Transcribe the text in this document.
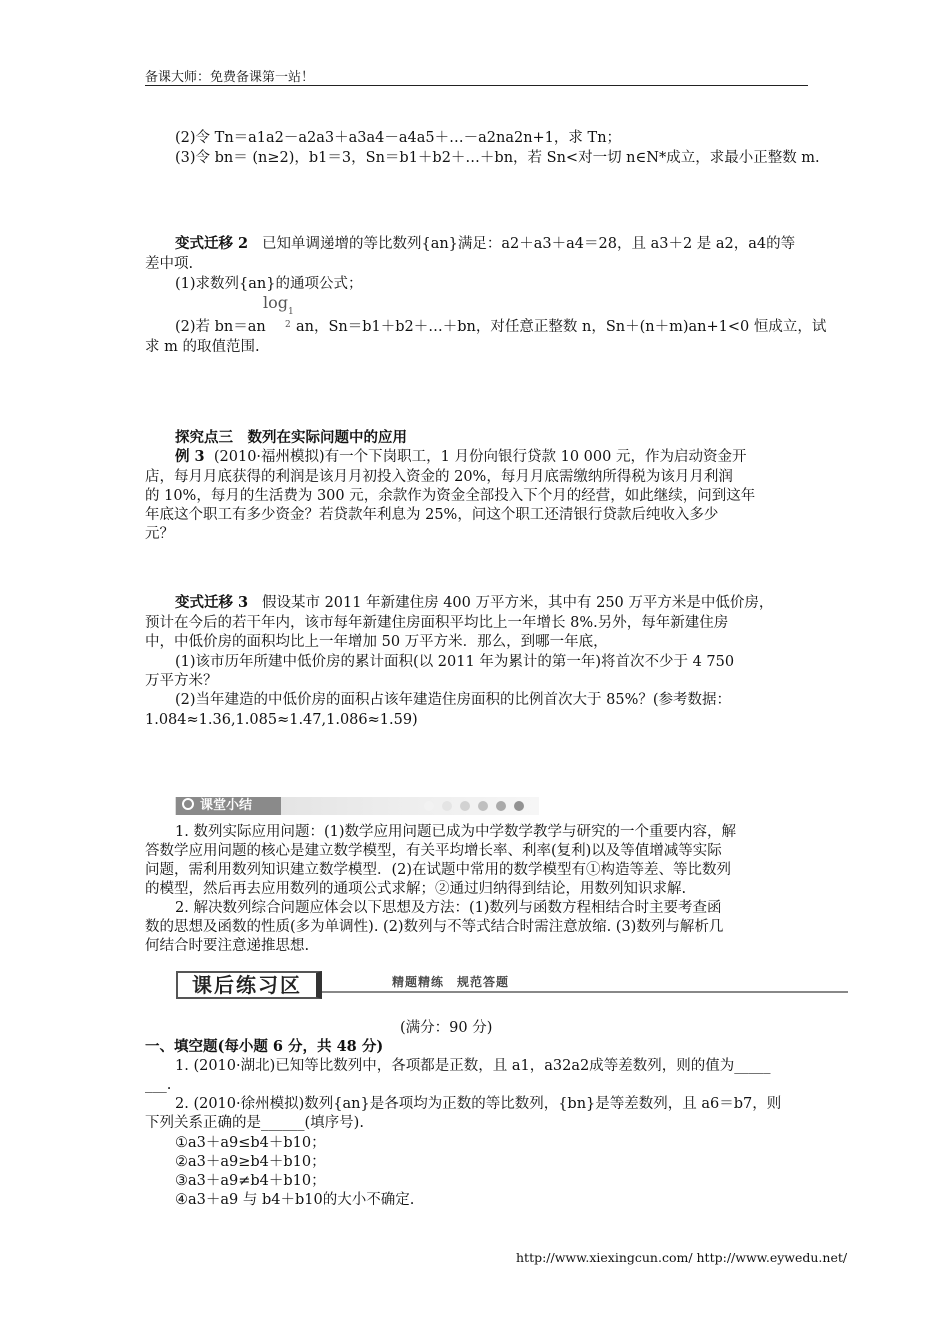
备课大师：免费备课第一站！
(2)令 Tn＝a1a2－a2a3＋a3a4－a4a5＋…－a2na2n+1，求 Tn；
(3)令 bn＝ (n≥2)，b1＝3，Sn＝b1＋b2＋…＋bn，若 Sn<对一切 n∈N*成立，求最小正整数 m.
变式迁移 2 已知单调递增的等比数列{an}满足：a2＋a3＋a4＝28，且 a3＋2 是 a2，a4的等
差中项.
(1)求数列{an}的通项公式；
$\log_1$
2
(2)若 bn＝an an，Sn＝b1＋b2＋…＋bn，对任意正整数 n，Sn＋(n＋m)an+1<0 恒成立，试
求 m 的取值范围.
探究点三　数列在实际问题中的应用
例 3 (2010·福州模拟)有一个下岗职工，1 月份向银行贷款 10 000 元，作为启动资金开
店，每月月底获得的利润是该月月初投入资金的 20%，每月月底需缴纳所得税为该月月利润
的 10%，每月的生活费为 300 元，余款作为资金全部投入下个月的经营，如此继续，问到这年
年底这个职工有多少资金？若贷款年利息为 25%，问这个职工还清银行贷款后纯收入多少
元？
变式迁移 3 假设某市 2011 年新建住房 400 万平方米，其中有 250 万平方米是中低价房，
预计在今后的若干年内，该市每年新建住房面积平均比上一年增长 8%.另外，每年新建住房
中，中低价房的面积均比上一年增加 50 万平方米．那么，到哪一年底，
(1)该市历年所建中低价房的累计面积(以 2011 年为累计的第一年)将首次不少于 4 750
万平方米？
(2)当年建造的中低价房的面积占该年建造住房面积的比例首次大于 85%？(参考数据：
1.084≈1.36,1.085≈1.47,1.086≈1.59)
课堂小结
1. 数列实际应用问题：(1)数学应用问题已成为中学数学教学与研究的一个重要内容，解
答数学应用问题的核心是建立数学模型，有关平均增长率、利率(复利)以及等值增减等实际
问题，需利用数列知识建立数学模型．(2)在试题中常用的数学模型有①构造等差、等比数列
的模型，然后再去应用数列的通项公式求解；②通过归纳得到结论，用数列知识求解.
2. 解决数列综合问题应体会以下思想及方法：(1)数列与函数方程相结合时主要考查函
数的思想及函数的性质(多为单调性). (2)数列与不等式结合时需注意放缩. (3)数列与解析几
何结合时要注意递推思想.
课后练习区	精题精练　规范答题
(满分：90 分)
一、填空题(每小题 6 分，共 48 分)
1. (2010·湖北)已知等比数列中，各项都是正数，且 a1，a32a2成等差数列，则的值为_____
___.
2. (2010·徐州模拟)数列{an}是各项均为正数的等比数列，{bn}是等差数列，且 a6＝b7，则
下列关系正确的是______(填序号).
①a3＋a9≤b4＋b10；
②a3＋a9≥b4＋b10；
③a3＋a9≠b4＋b10；
④a3＋a9 与 b4＋b10的大小不确定.
http://www.xiexingcun.com/ http://www.eywedu.net/
